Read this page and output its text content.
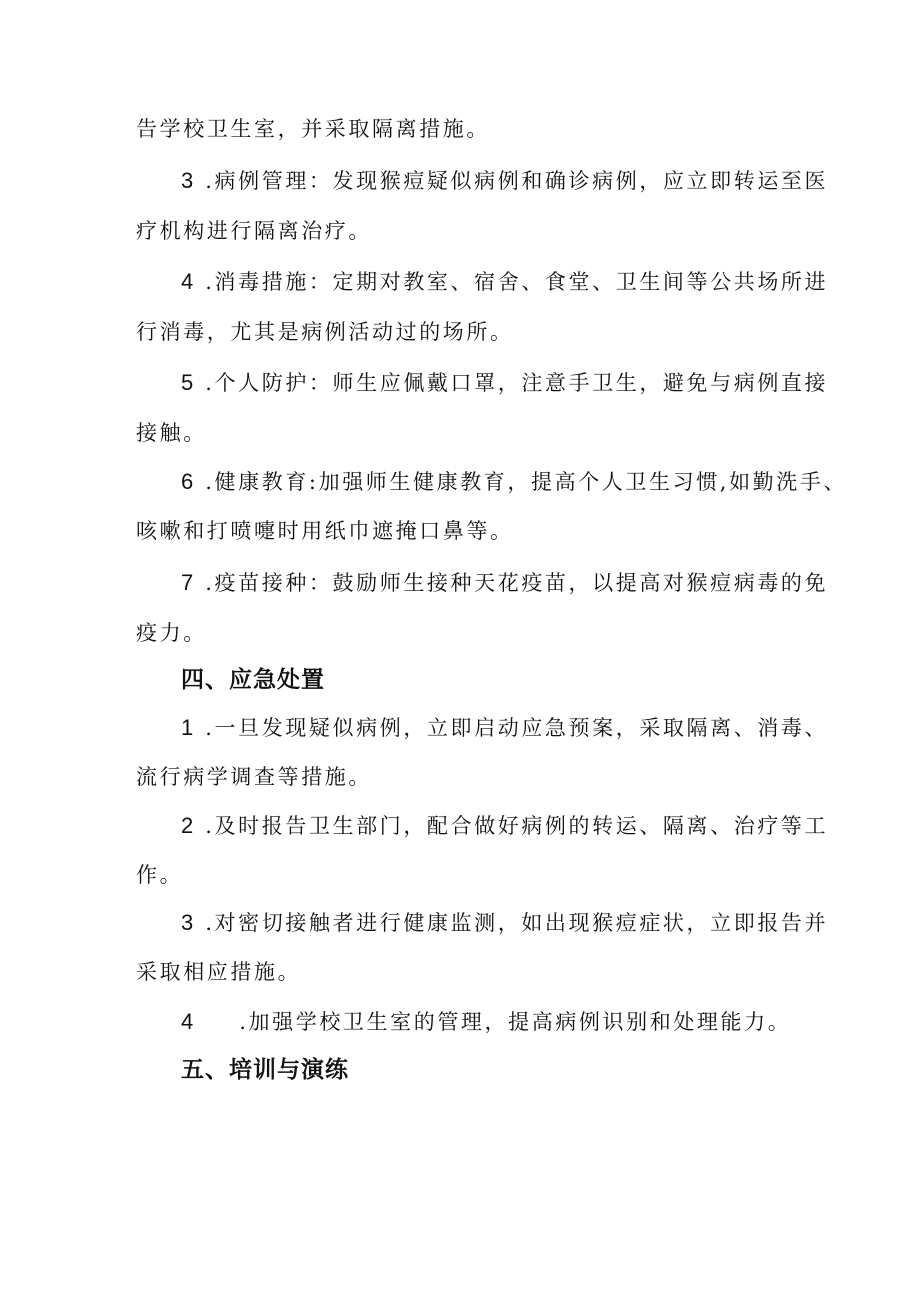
告学校卫生室，并采取隔离措施。
3 .病例管理：发现猴痘疑似病例和确诊病例，应立即转运至医
疗机构进行隔离治疗。
4 .消毒措施：定期对教室、宿舍、食堂、卫生间等公共场所进
行消毒，尤其是病例活动过的场所。
5 .个人防护：师生应佩戴口罩，注意手卫生，避免与病例直接
接触。
6 .健康教育:加强师生健康教育，提高个人卫生习惯,如勤洗手、
咳嗽和打喷嚏时用纸巾遮掩口鼻等。
7 .疫苗接种：鼓励师生接种天花疫苗，以提高对猴痘病毒的免
疫力。
四、应急处置
1 .一旦发现疑似病例，立即启动应急预案，采取隔离、消毒、
流行病学调查等措施。
2 .及时报告卫生部门，配合做好病例的转运、隔离、治疗等工
作。
3 .对密切接触者进行健康监测，如出现猴痘症状，立即报告并
采取相应措施。
4 .加强学校卫生室的管理，提高病例识别和处理能力。
五、培训与演练
